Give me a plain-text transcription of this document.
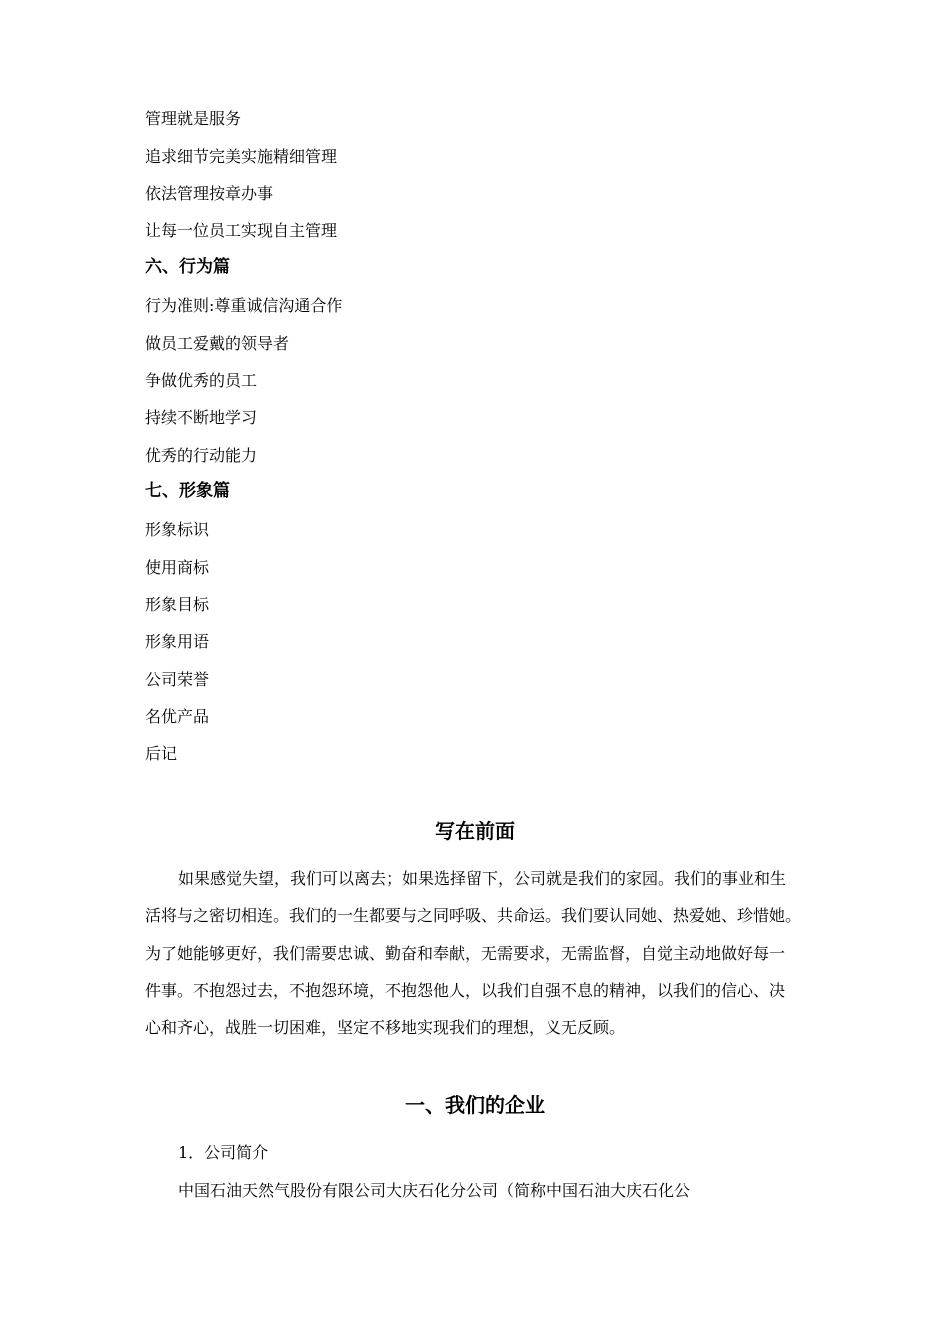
管理就是服务
追求细节完美实施精细管理
依法管理按章办事
让每一位员工实现自主管理
六、行为篇
行为准则:尊重诚信沟通合作
做员工爱戴的领导者
争做优秀的员工
持续不断地学习
优秀的行动能力
七、形象篇
形象标识
使用商标
形象目标
形象用语
公司荣誉
名优产品
后记
写在前面
如果感觉失望，我们可以离去；如果选择留下，公司就是我们的家园。我们的事业和生
活将与之密切相连。我们的一生都要与之同呼吸、共命运。我们要认同她、热爱她、珍惜她。
为了她能够更好，我们需要忠诚、勤奋和奉献，无需要求，无需监督，自觉主动地做好每一
件事。不抱怨过去，不抱怨环境，不抱怨他人，以我们自强不息的精神，以我们的信心、决
心和齐心，战胜一切困难，坚定不移地实现我们的理想，义无反顾。
一、我们的企业
1．公司简介
中国石油天然气股份有限公司大庆石化分公司（简称中国石油大庆石化公
